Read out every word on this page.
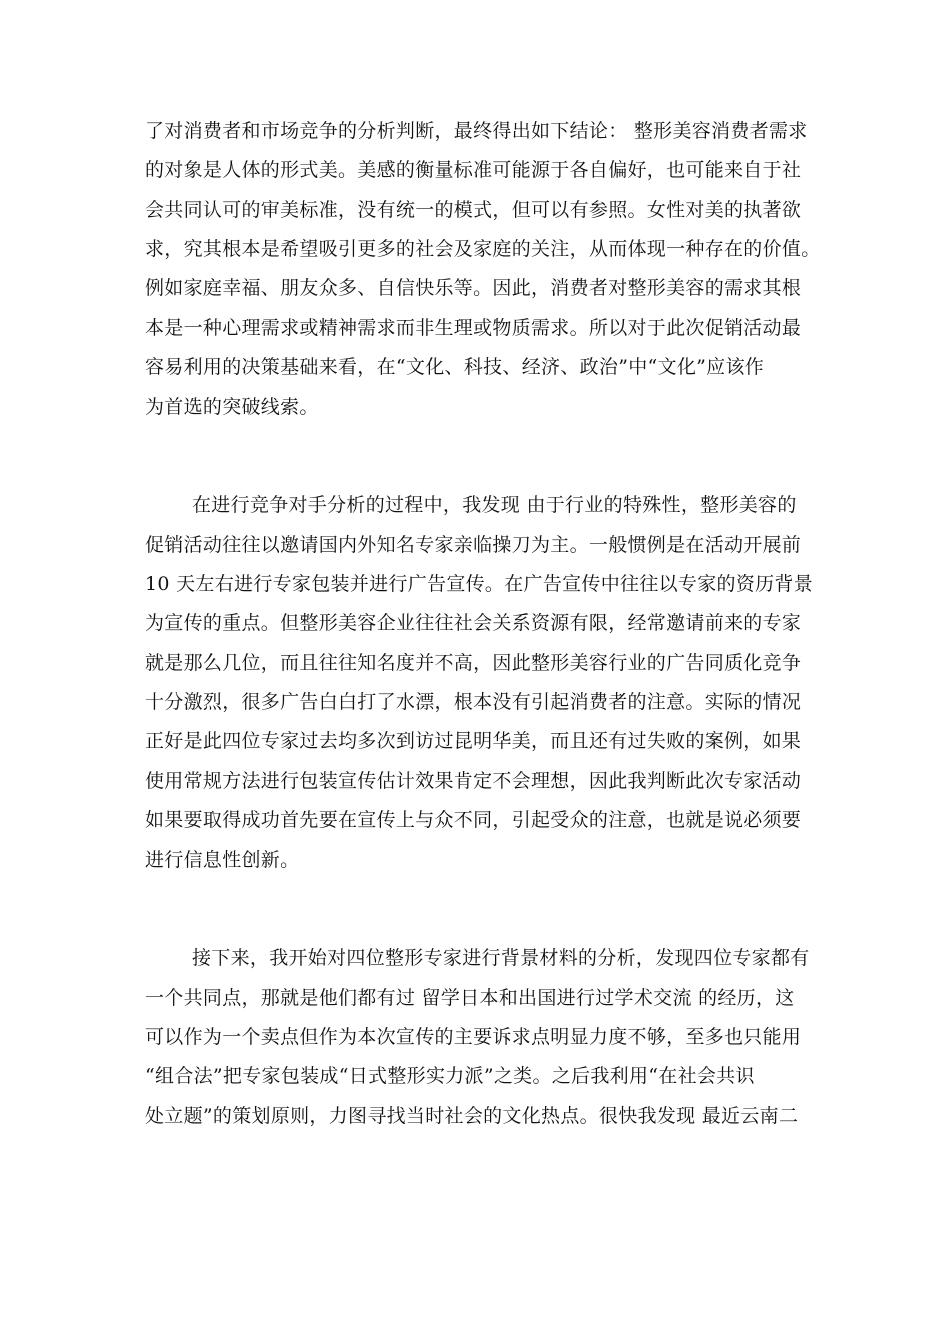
了对消费者和市场竞争的分析判断，最终得出如下结论： 整形美容消费者需求
的对象是人体的形式美。美感的衡量标准可能源于各自偏好，也可能来自于社
会共同认可的审美标准，没有统一的模式，但可以有参照。女性对美的执著欲
求，究其根本是希望吸引更多的社会及家庭的关注，从而体现一种存在的价值。
例如家庭幸福、朋友众多、自信快乐等。因此，消费者对整形美容的需求其根
本是一种心理需求或精神需求而非生理或物质需求。所以对于此次促销活动最
容易利用的决策基础来看，在“文化、科技、经济、政治”中“文化”应该作
为首选的突破线索。
在进行竞争对手分析的过程中，我发现 由于行业的特殊性，整形美容的
促销活动往往以邀请国内外知名专家亲临操刀为主。一般惯例是在活动开展前
10 天左右进行专家包装并进行广告宣传。在广告宣传中往往以专家的资历背景
为宣传的重点。但整形美容企业往往社会关系资源有限，经常邀请前来的专家
就是那么几位，而且往往知名度并不高，因此整形美容行业的广告同质化竞争
十分激烈，很多广告白白打了水漂，根本没有引起消费者的注意。实际的情况
正好是此四位专家过去均多次到访过昆明华美，而且还有过失败的案例，如果
使用常规方法进行包装宣传估计效果肯定不会理想，因此我判断此次专家活动
如果要取得成功首先要在宣传上与众不同，引起受众的注意，也就是说必须要
进行信息性创新。
接下来，我开始对四位整形专家进行背景材料的分析，发现四位专家都有
一个共同点，那就是他们都有过 留学日本和出国进行过学术交流 的经历，这
可以作为一个卖点但作为本次宣传的主要诉求点明显力度不够，至多也只能用
“组合法”把专家包装成“日式整形实力派”之类。之后我利用“在社会共识
处立题”的策划原则，力图寻找当时社会的文化热点。很快我发现 最近云南二
